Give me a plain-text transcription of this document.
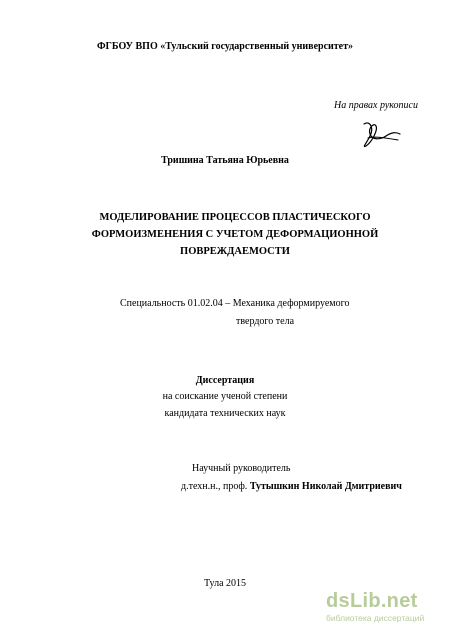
ФГБОУ ВПО «Тульский государственный университет»
На правах рукописи
Тришина Татьяна Юрьевна
МОДЕЛИРОВАНИЕ ПРОЦЕССОВ ПЛАСТИЧЕСКОГО
ФОРМОИЗМЕНЕНИЯ С УЧЕТОМ ДЕФОРМАЦИОННОЙ
ПОВРЕЖДАЕМОСТИ
Специальность 01.02.04 – Механика деформируемого
твердого тела
Диссертация
на соискание ученой степени
кандидата технических наук
Научный руководитель
д.техн.н., проф. Тутышкин Николай Дмитриевич
Тула 2015
dsLib.net
библиотека диссертаций
